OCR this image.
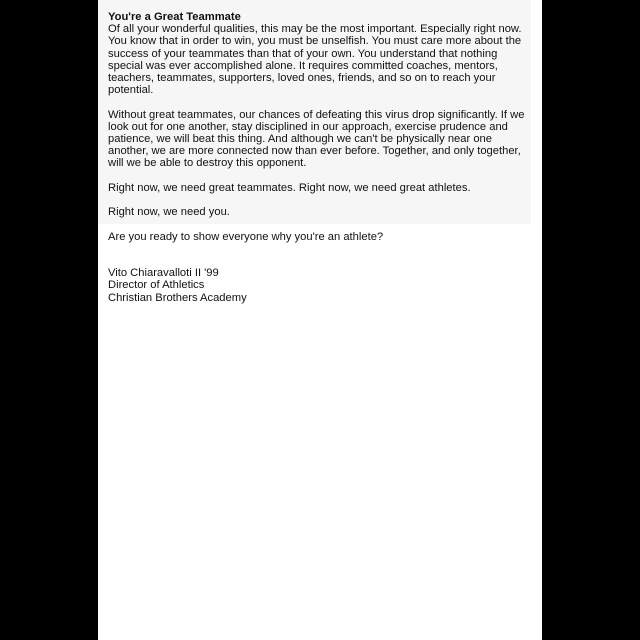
You're a Great Teammate

Of all your wonderful qualities, this may be the most important. Especially right now. You know that in order to win, you must be unselfish. You must care more about the success of your teammates than that of your own. You understand that nothing special was ever accomplished alone. It requires committed coaches, mentors, teachers, teammates, supporters, loved ones, friends, and so on to reach your potential.

Without great teammates, our chances of defeating this virus drop significantly. If we look out for one another, stay disciplined in our approach, exercise prudence and patience, we will beat this thing. And although we can't be physically near one another, we are more connected now than ever before. Together, and only together, will we be able to destroy this opponent.

Right now, we need great teammates. Right now, we need great athletes.

Right now, we need you.

Are you ready to show everyone why you're an athlete?

Vito Chiaravalloti II '99

Director of Athletics

Christian Brothers Academy
